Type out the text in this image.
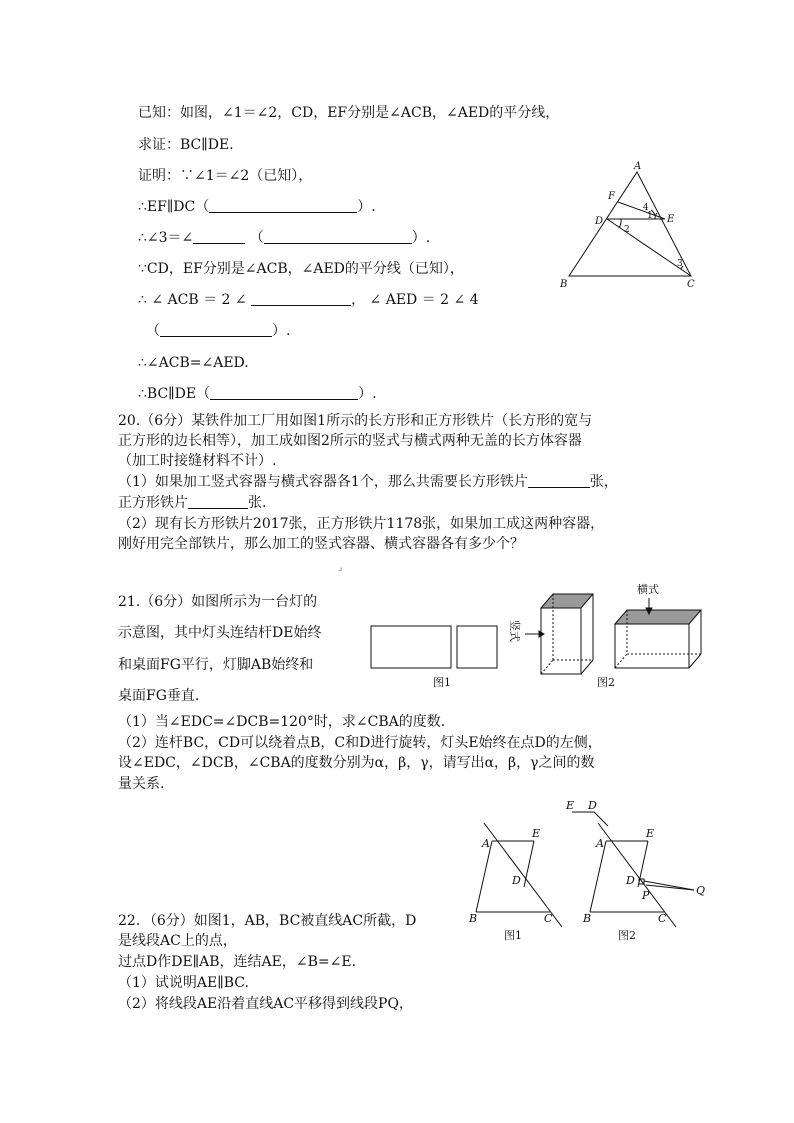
已知：如图，∠1＝∠2，CD，EF分别是∠ACB，∠AED的平分线，
求证：BC∥DE.
证明：∵∠1＝∠2（已知），
∴EF∥DC（	）.
∴∠3＝∠	（	）.
∵CD，EF分别是∠ACB，∠AED的平分线（已知），
∴ ∠ ACB ＝ 2 ∠	， ∠ AED ＝ 2 ∠ 4
（	）.
∴∠ACB=∠AED.
∴BC∥DE（	）.
A
B	C
D	E
F
1
2
3
4
20.（6分）某铁件加工厂用如图1所示的长方形和正方形铁片（长方形的宽与
正方形的边长相等），加工成如图2所示的竖式与横式两种无盖的长方体容器
（加工时接缝材料不计）.
（1）如果加工竖式容器与横式容器各1个，那么共需要长方形铁片	张，
正方形铁片	张.
（2）现有长方形铁片2017张，正方形铁片1178张，如果加工成这两种容器，
刚好用完全部铁片，那么加工的竖式容器、横式容器各有多少个？
⌟
竖式
横式
图1	图2
21.（6分）如图所示为一台灯的
示意图，其中灯头连结杆DE始终
和桌面FG平行，灯脚AB始终和
桌面FG垂直.
（1）当∠EDC=∠DCB=120°时，求∠CBA的度数.
（2）连杆BC，CD可以绕着点B，C和D进行旋转，灯头E始终在点D的左侧，
设∠EDC，∠DCB，∠CBA的度数分别为α，β，γ，请写出α，β，γ之间的数
量关系.
A
B	C
D
E
A
B	C
D
E
P	Q
E D
图1	图2
22．（6分）如图1，AB，BC被直线AC所截，D
是线段AC上的点，
过点D作DE∥AB，连结AE，∠B=∠E.
（1）试说明AE∥BC.
（2）将线段AE沿着直线AC平移得到线段PQ，
